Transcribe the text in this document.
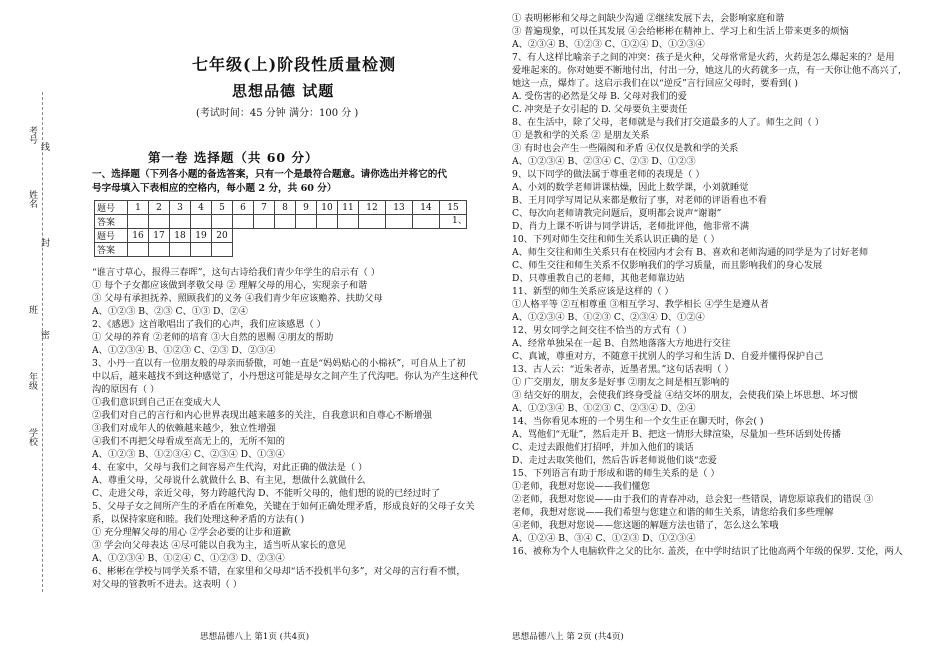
考号
线
姓名
封
班
密
年级
学校
七年级(上)阶段性质量检测
思想品德 试题
(考试时间：45 分钟 满分：100 分 )
第一卷 选择题（共 60 分）
一、选择题（下列各小题的备选答案，只有一个是最符合题意。请你选出并将它的代
号字母填入下表相应的空格内，每小题 2 分，共 60 分）
题号	1	2	3	4	5	6	7	8	9	10	11	12	13	14	15
答案															
题号	16	17	18	19	20										
答案															
1、
“谁言寸草心，报得三春晖”，这句古诗给我们青少年学生的启示有（ ）
① 每个子女都应该做到孝敬父母 ② 理解父母的用心，实现亲子和谐
③ 父母有承担抚养、照顾我们的义务 ④我们青少年应该赡养、扶助父母
A、①②③ B、②③ C、①③ D、②④
2、《感恩》这首歌唱出了我们的心声，我们应该感恩（ ）
① 父母的养育 ②老师的培育 ③大自然的恩赐 ④朋友的帮助
A、①②③④ B、①②③ C、②③ D、②③④
3、小丹一直以有一位朋友般的母亲而骄傲，可她一直是“妈妈贴心的小棉袄”，可自从上了初
中以后，越来越找不到这种感觉了，小丹想这可能是母女之间产生了代沟吧。你认为产生这种代
沟的原因有（ ）
①我们意识到自己正在变成大人
②我们对自己的言行和内心世界表现出越来越多的关注，自我意识和自尊心不断增强
③我们对成年人的依赖越来越少，独立性增强
④我们不再把父母看成至高无上的，无所不知的
A、①②③ B、①②③④ C、②③④ D、①③④
4、在家中，父母与我们之间容易产生代沟，对此正确的做法是（ ）
A、尊重父母，父母说什么就做什么 B、有主见，想做什么就做什么
C、走进父母，亲近父母，努力跨越代沟 D、不能听父母的，他们想的说的已经过时了
5、父母子女之间所产生的矛盾在所难免，关键在于如何正确处理矛盾，形成良好的父母子女关
系，以保持家庭和睦。我们处理这种矛盾的方法有( )
① 充分理解父母的用心 ②学会必要的让步和道歉
③ 学会向父母表达 ④尽可能以自我为主，适当听从家长的意见
A、①②③④ B、①②④ C、①②③ D、②③④
6、彬彬在学校与同学关系不错，在家里和父母却“话不投机半句多”，对父母的言行看不惯，
对父母的管教听不进去。这表明（ ）
① 表明彬彬和父母之间缺少沟通 ②继续发展下去，会影响家庭和谐
③ 普遍现象，可以任其发展 ④会给彬彬在精神上、学习上和生活上带来更多的烦恼
A、②③④ B、①②③ C、①②④ D、①②③④
7、有人这样比喻亲子之间的冲突：孩子是火种，父母常常是火药，火药是怎么爆起来的？是用
爱堆起来的。你对她要不断地付出，付出一分，她这儿的火药就多一点，有一天你让他不高兴了，
她这一点，爆炸了。这启示我们在以“逆反”言行回应父母时，要看到( )
A. 受伤害的必然是父母 B. 父母对我们的爱
C. 冲突是子女引起的 D. 父母要负主要责任
8、在生活中，除了父母，老师就是与我们打交道最多的人了。师生之间（ ）
① 是教和学的关系 ② 是朋友关系
③ 有时也会产生一些隔阂和矛盾 ④仅仅是教和学的关系
A、①②③④ B、②③④ C、②③ D、①②③
9、以下同学的做法属于尊重老师的表现是（ ）
A、小刘的数学老师讲课枯燥，因此上数学课，小刘就睡觉
B、王月同学写周记从来都是敷衍了事，对老师的评语看也不看
C、每次向老师请教完问题后，夏明都会说声“谢谢”
D、肖力上课不听讲与同学讲话，老师批评他，他非常不满
10、下列对师生交往和师生关系认识正确的是（ ）
A、师生交往和师生关系只有在校园内才会有 B、喜欢和老师沟通的同学是为了讨好老师
C、师生交往和师生关系不仅影响我们的学习质量，而且影响我们的身心发展
D、只尊重教自己的老师，其他老师靠边站
11、新型的师生关系应该是这样的（ ）
①人格平等 ②互相尊重 ③相互学习、教学相长 ④学生是遵从者
A、①②③④ B、①②③ C、②③④ D、①②④
12、男女同学之间交往不恰当的方式有（ ）
A、经常单独呆在一起 B、自然地落落大方地进行交往
C、真诚，尊重对方，不随意干扰别人的学习和生活 D、自爱并懂得保护自己
13、古人云：“近朱者赤，近墨者黑。”这句话表明（ ）
① 广交朋友，朋友多是好事 ②朋友之间是相互影响的
③ 结交好的朋友，会使我们终身受益 ④结交坏的朋友，会使我们染上坏思想、坏习惯
A、①②③④ B、①②③ C、②③④ D、②④
14、当你看见本班的一个男生和一个女生正在聊天时，你会( )
A、骂他们“无耻”，然后走开 B、把这一情形大肆渲染，尽量加一些环话到处传播
C、走过去跟他们打招呼，并加入他们的谈话
D、走过去取笑他们，然后告诉老师说他们谈“恋爱
15、下列语言有助于形成和谐的师生关系的是（ ）
①老师，我想对您说——我们懂您
②老师，我想对您说——由于我们的青春冲动，总会犯一些错误，请您原谅我们的错误 ③
老师，我想对您说——我们希望与您建立和谐的师生关系，请您给我们多些理解
④老师，我想对您说——您这题的解题方法也错了，怎么这么笨哦
A、①②④ B、③④ C、①②③ D、①②③④
16、被称为个人电脑软件之父的比尔. 盖茨，在中学时结识了比他高两个年级的保罗. 艾伦，两人
思想品德八上 第1页 (共4页)	思想品德八上 第 2页 (共4页)
